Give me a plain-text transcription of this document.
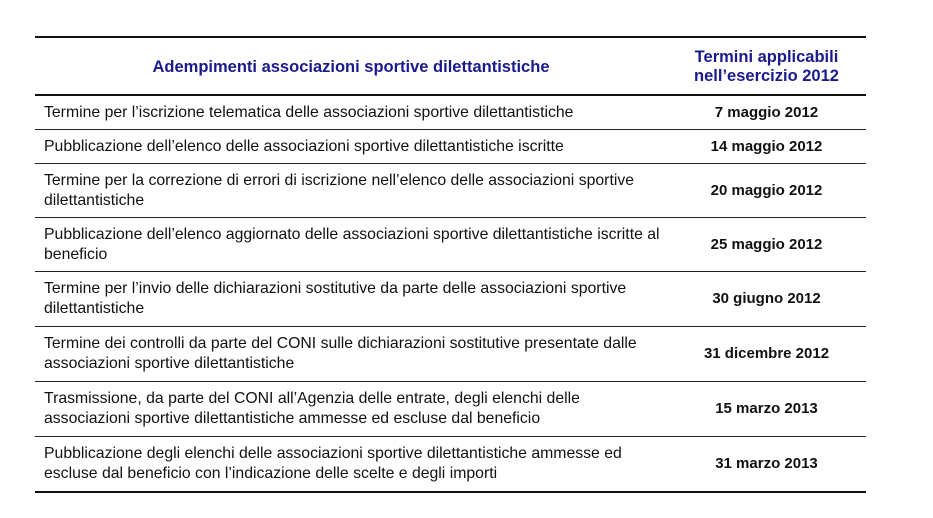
Adempimenti associazioni sportive dilettantistiche	Termini applicabili
nell’esercizio 2012
Termine per l’iscrizione telematica delle associazioni sportive dilettantistiche	7 maggio 2012
Pubblicazione dell’elenco delle associazioni sportive dilettantistiche iscritte	14 maggio 2012
Termine per la correzione di errori di iscrizione nell’elenco delle associazioni sportive dilettantistiche	20 maggio 2012
Pubblicazione dell’elenco aggiornato delle associazioni sportive dilettantistiche iscritte al beneficio	25 maggio 2012
Termine per l’invio delle dichiarazioni sostitutive da parte delle associazioni sportive dilettantistiche	30 giugno 2012
Termine dei controlli da parte del CONI sulle dichiarazioni sostitutive presentate dalle associazioni sportive dilettantistiche	31 dicembre 2012
Trasmissione, da parte del CONI all’Agenzia delle entrate, degli elenchi delle associazioni sportive dilettantistiche ammesse ed escluse dal beneficio	15 marzo 2013
Pubblicazione degli elenchi delle associazioni sportive dilettantistiche ammesse ed escluse dal beneficio con l’indicazione delle scelte e degli importi	31 marzo 2013
